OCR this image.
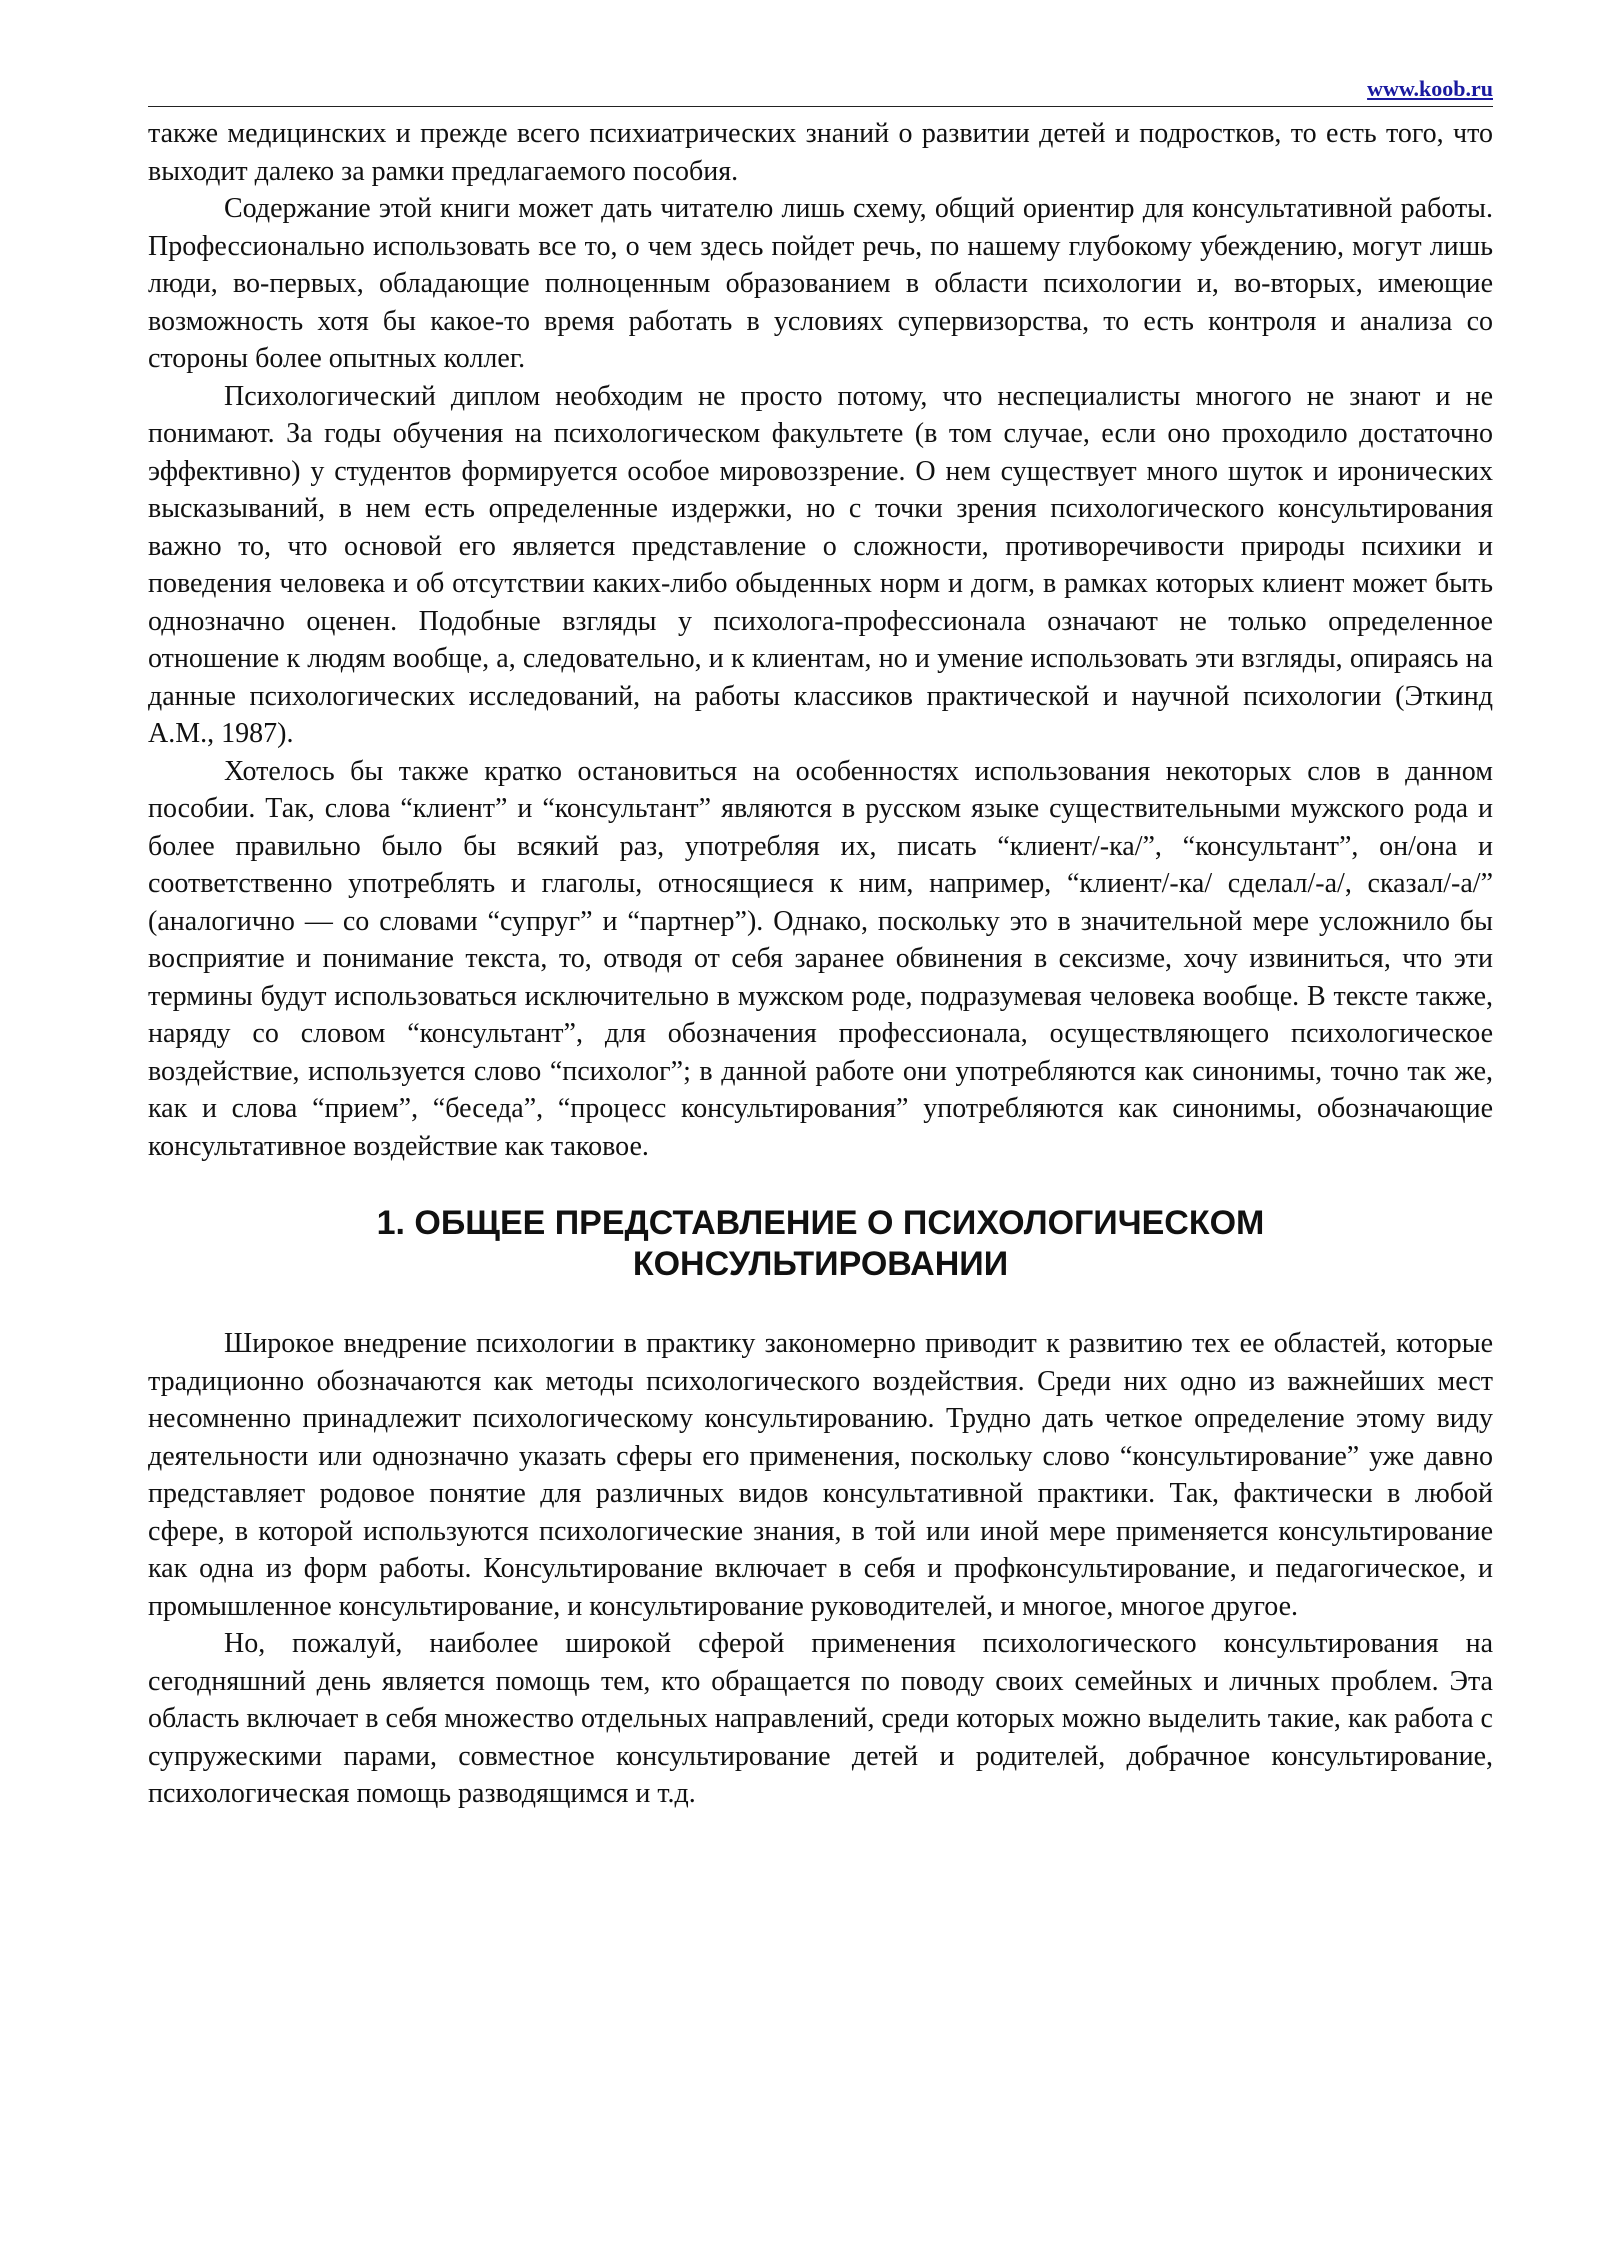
www.koob.ru

также медицинских и прежде всего психиатрических знаний о развитии детей и подростков, то есть того, что выходит далеко за рамки предлагаемого пособия.

Содержание этой книги может дать читателю лишь схему, общий ориентир для консультативной работы. Профессионально использовать все то, о чем здесь пойдет речь, по нашему глубокому убеждению, могут лишь люди, во-первых, обладающие полноценным образованием в области психологии и, во-вторых, имеющие возможность хотя бы какое-то время работать в условиях супервизорства, то есть контроля и анализа со стороны более опытных коллег.

Психологический диплом необходим не просто потому, что неспециалисты многого не знают и не понимают. За годы обучения на психологическом факультете (в том случае, если оно проходило достаточно эффективно) у студентов формируется особое мировоззрение. О нем существует много шуток и иронических высказываний, в нем есть определенные издержки, но с точки зрения психологического консультирования важно то, что основой его является представление о сложности, противоречивости природы психики и поведения человека и об отсутствии каких-либо обыденных норм и догм, в рамках которых клиент может быть однозначно оценен. Подобные взгляды у психолога-профессионала означают не только определенное отношение к людям вообще, а, следовательно, и к клиентам, но и умение использовать эти взгляды, опираясь на данные психологических исследований, на работы классиков практической и научной психологии (Эткинд А.М., 1987).

Хотелось бы также кратко остановиться на особенностях использования некоторых слов в данном пособии. Так, слова “клиент” и “консультант” являются в русском языке существительными мужского рода и более правильно было бы всякий раз, употребляя их, писать “клиент/-ка/”, “консультант”, он/она и соответственно употреблять и глаголы, относящиеся к ним, например, “клиент/-ка/ сделал/-а/, сказал/-а/” (аналогично — со словами “супруг” и “партнер”). Однако, поскольку это в значительной мере усложнило бы восприятие и понимание текста, то, отводя от себя заранее обвинения в сексизме, хочу извиниться, что эти термины будут использоваться исключительно в мужском роде, подразумевая человека вообще. В тексте также, наряду со словом “консультант”, для обозначения профессионала, осуществляющего психологическое воздействие, используется слово “психолог”; в данной работе они употребляются как синонимы, точно так же, как и слова “прием”, “беседа”, “процесс консультирования” употребляются как синонимы, обозначающие консультативное воздействие как таковое.

1. ОБЩЕЕ ПРЕДСТАВЛЕНИЕ О ПСИХОЛОГИЧЕСКОМ
КОНСУЛЬТИРОВАНИИ

Широкое внедрение психологии в практику закономерно приводит к развитию тех ее областей, которые традиционно обозначаются как методы психологического воздействия. Среди них одно из важнейших мест несомненно принадлежит психологическому консультированию. Трудно дать четкое определение этому виду деятельности или однозначно указать сферы его применения, поскольку слово “консультирование” уже давно представляет родовое понятие для различных видов консультативной практики. Так, фактически в любой сфере, в которой используются психологические знания, в той или иной мере применяется консультирование как одна из форм работы. Консультирование включает в себя и профконсультирование, и педагогическое, и промышленное консультирование, и консультирование руководителей, и многое, многое другое.

Но, пожалуй, наиболее широкой сферой применения психологического консультирования на сегодняшний день является помощь тем, кто обращается по поводу своих семейных и личных проблем. Эта область включает в себя множество отдельных направлений, среди которых можно выделить такие, как работа с супружескими парами, совместное консультирование детей и родителей, добрачное консультирование, психологическая помощь разводящимся и т.д.
